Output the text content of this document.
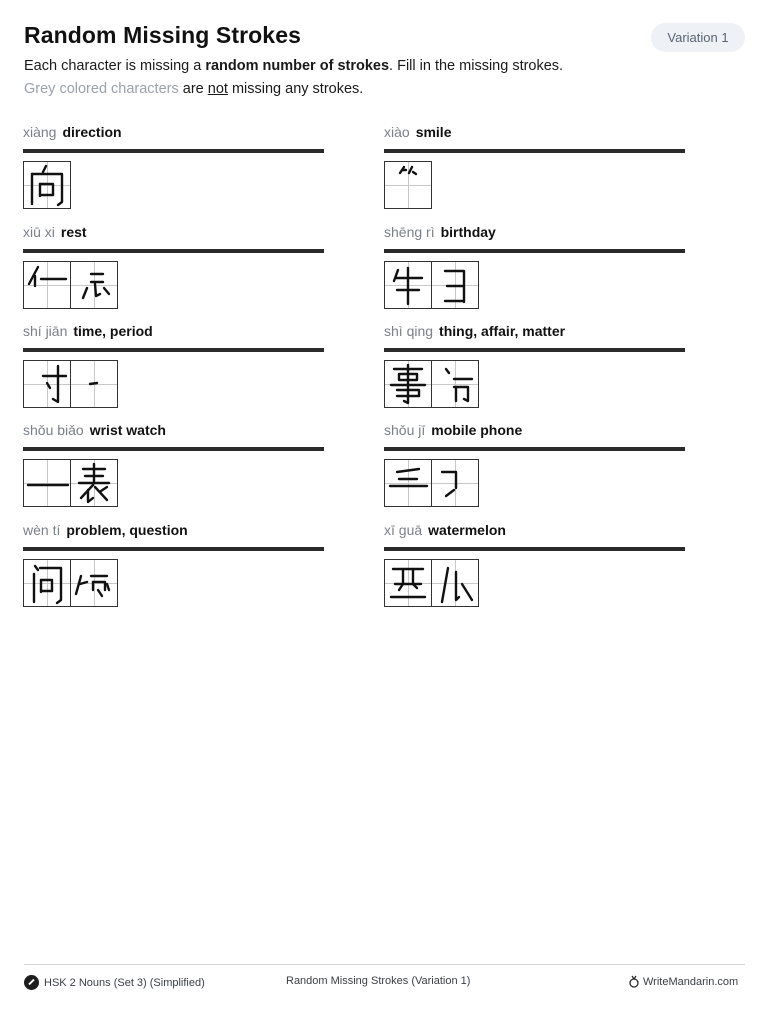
Random Missing Strokes	Variation 1
Each character is missing a random number of strokes. Fill in the missing strokes.
Grey colored characters are not missing any strokes.
xiàng direction	xiào smile
xiū xi rest	shēng rì birthday
shí jiān time, period	shì qing thing, affair, matter
shǒu biǎo wrist watch	shǒu jī mobile phone
wèn tí problem, question	xī guā watermelon
HSK 2 Nouns (Set 3) (Simplified)	Random Missing Strokes (Variation 1)	WriteMandarin.com
